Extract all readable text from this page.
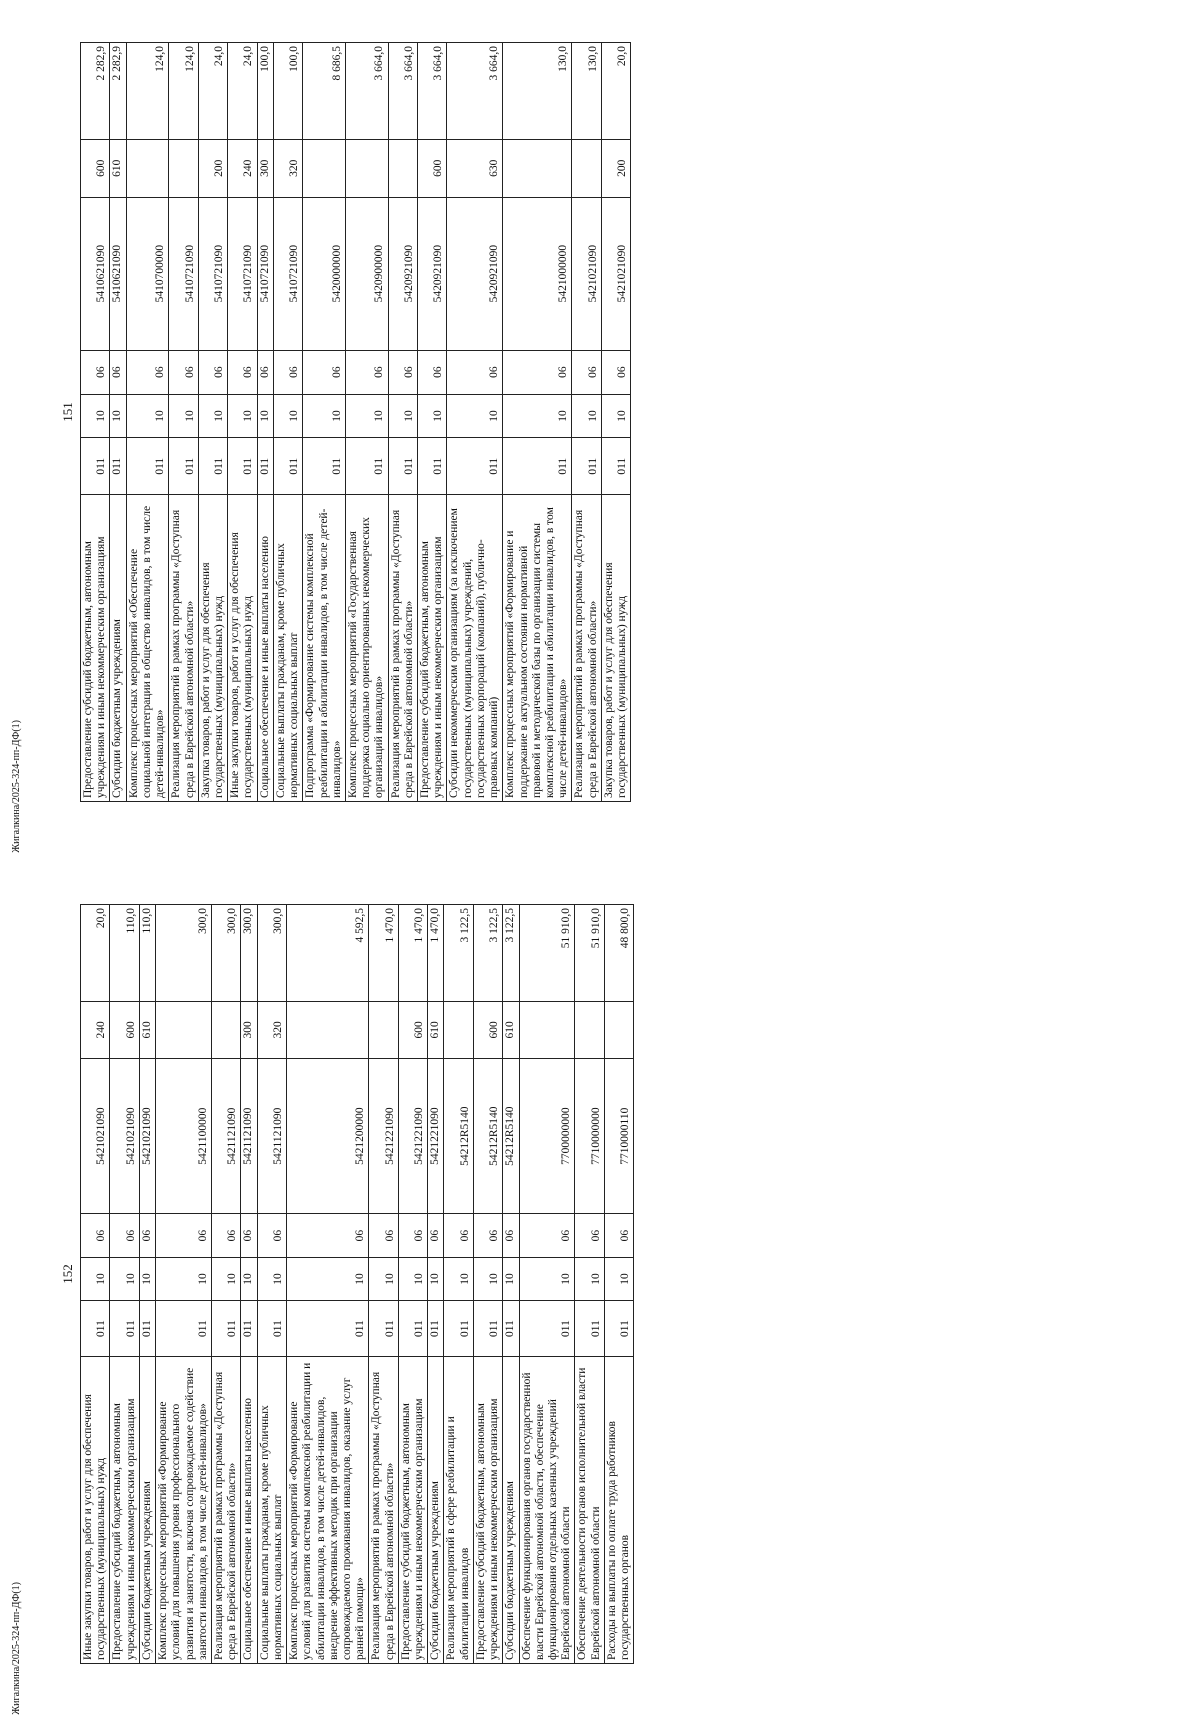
151
Предоставление субсидий бюджетным, автономным учреждениям и иным некоммерческим организациям	011	10	06	5410621090	600	2 282,9
Субсидии бюджетным учреждениям	011	10	06	5410621090	610	2 282,9
Комплекс процессных мероприятий «Обеспечение социальной интеграции в общество инвалидов, в том числе детей-инвалидов»	011	10	06	5410700000		124,0
Реализация мероприятий в рамках программы «Доступная среда в Еврейской автономной области»	011	10	06	5410721090		124,0
Закупка товаров, работ и услуг для обеспечения государственных (муниципальных) нужд	011	10	06	5410721090	200	24,0
Иные закупки товаров, работ и услуг для обеспечения государственных (муниципальных) нужд	011	10	06	5410721090	240	24,0
Социальное обеспечение и иные выплаты населению	011	10	06	5410721090	300	100,0
Социальные выплаты гражданам, кроме публичных нормативных социальных выплат	011	10	06	5410721090	320	100,0
Подпрограмма «Формирование системы комплексной реабилитации и абилитации инвалидов, в том числе детей-инвалидов»	011	10	06	5420000000		8 686,5
Комплекс процессных мероприятий «Государственная поддержка социально ориентированных некоммерческих организаций инвалидов»	011	10	06	5420900000		3 664,0
Реализация мероприятий в рамках программы «Доступная среда в Еврейской автономной области»	011	10	06	5420921090		3 664,0
Предоставление субсидий бюджетным, автономным учреждениям и иным некоммерческим организациям	011	10	06	5420921090	600	3 664,0
Субсидии некоммерческим организациям (за исключением государственных (муниципальных) учреждений, государственных корпораций (компаний), публично-правовых компаний)	011	10	06	5420921090	630	3 664,0
Комплекс процессных мероприятий «Формирование и поддержание в актуальном состоянии нормативной правовой и методической базы по организации системы комплексной реабилитации и абилитации инвалидов, в том числе детей-инвалидов»	011	10	06	5421000000		130,0
Реализация мероприятий в рамках программы «Доступная среда в Еврейской автономной области»	011	10	06	5421021090		130,0
Закупка товаров, работ и услуг для обеспечения государственных (муниципальных) нужд	011	10	06	5421021090	200	20,0
Жигалкина/2025-324-пп-ДФ(1)
152
Иные закупки товаров, работ и услуг для обеспечения государственных (муниципальных) нужд	011	10	06	5421021090	240	20,0
Предоставление субсидий бюджетным, автономным учреждениям и иным некоммерческим организациям	011	10	06	5421021090	600	110,0
Субсидии бюджетным учреждениям	011	10	06	5421021090	610	110,0
Комплекс процессных мероприятий «Формирование условий для повышения уровня профессионального развития и занятости, включая сопровождаемое содействие занятости инвалидов, в том числе детей-инвалидов»	011	10	06	5421100000		300,0
Реализация мероприятий в рамках программы «Доступная среда в Еврейской автономной области»	011	10	06	5421121090		300,0
Социальное обеспечение и иные выплаты населению	011	10	06	5421121090	300	300,0
Социальные выплаты гражданам, кроме публичных нормативных социальных выплат	011	10	06	5421121090	320	300,0
Комплекс процессных мероприятий «Формирование условий для развития системы комплексной реабилитации и абилитации инвалидов, в том числе детей-инвалидов, внедрение эффективных методик при организации сопровождаемого проживания инвалидов, оказание услуг ранней помощи»	011	10	06	5421200000		4 592,5
Реализация мероприятий в рамках программы «Доступная среда в Еврейской автономной области»	011	10	06	5421221090		1 470,0
Предоставление субсидий бюджетным, автономным учреждениям и иным некоммерческим организациям	011	10	06	5421221090	600	1 470,0
Субсидии бюджетным учреждениям	011	10	06	5421221090	610	1 470,0
Реализация мероприятий в сфере реабилитации и абилитации инвалидов	011	10	06	54212R5140		3 122,5
Предоставление субсидий бюджетным, автономным учреждениям и иным некоммерческим организациям	011	10	06	54212R5140	600	3 122,5
Субсидии бюджетным учреждениям	011	10	06	54212R5140	610	3 122,5
Обеспечение функционирования органов государственной власти Еврейской автономной области, обеспечение функционирования отдельных казенных учреждений Еврейской автономной области	011	10	06	7700000000		51 910,0
Обеспечение деятельности органов исполнительной власти Еврейской автономной области	011	10	06	7710000000		51 910,0
Расходы на выплаты по оплате труда работников государственных органов	011	10	06	7710000110		48 800,0
Жигалкина/2025-324-пп-ДФ(1)
